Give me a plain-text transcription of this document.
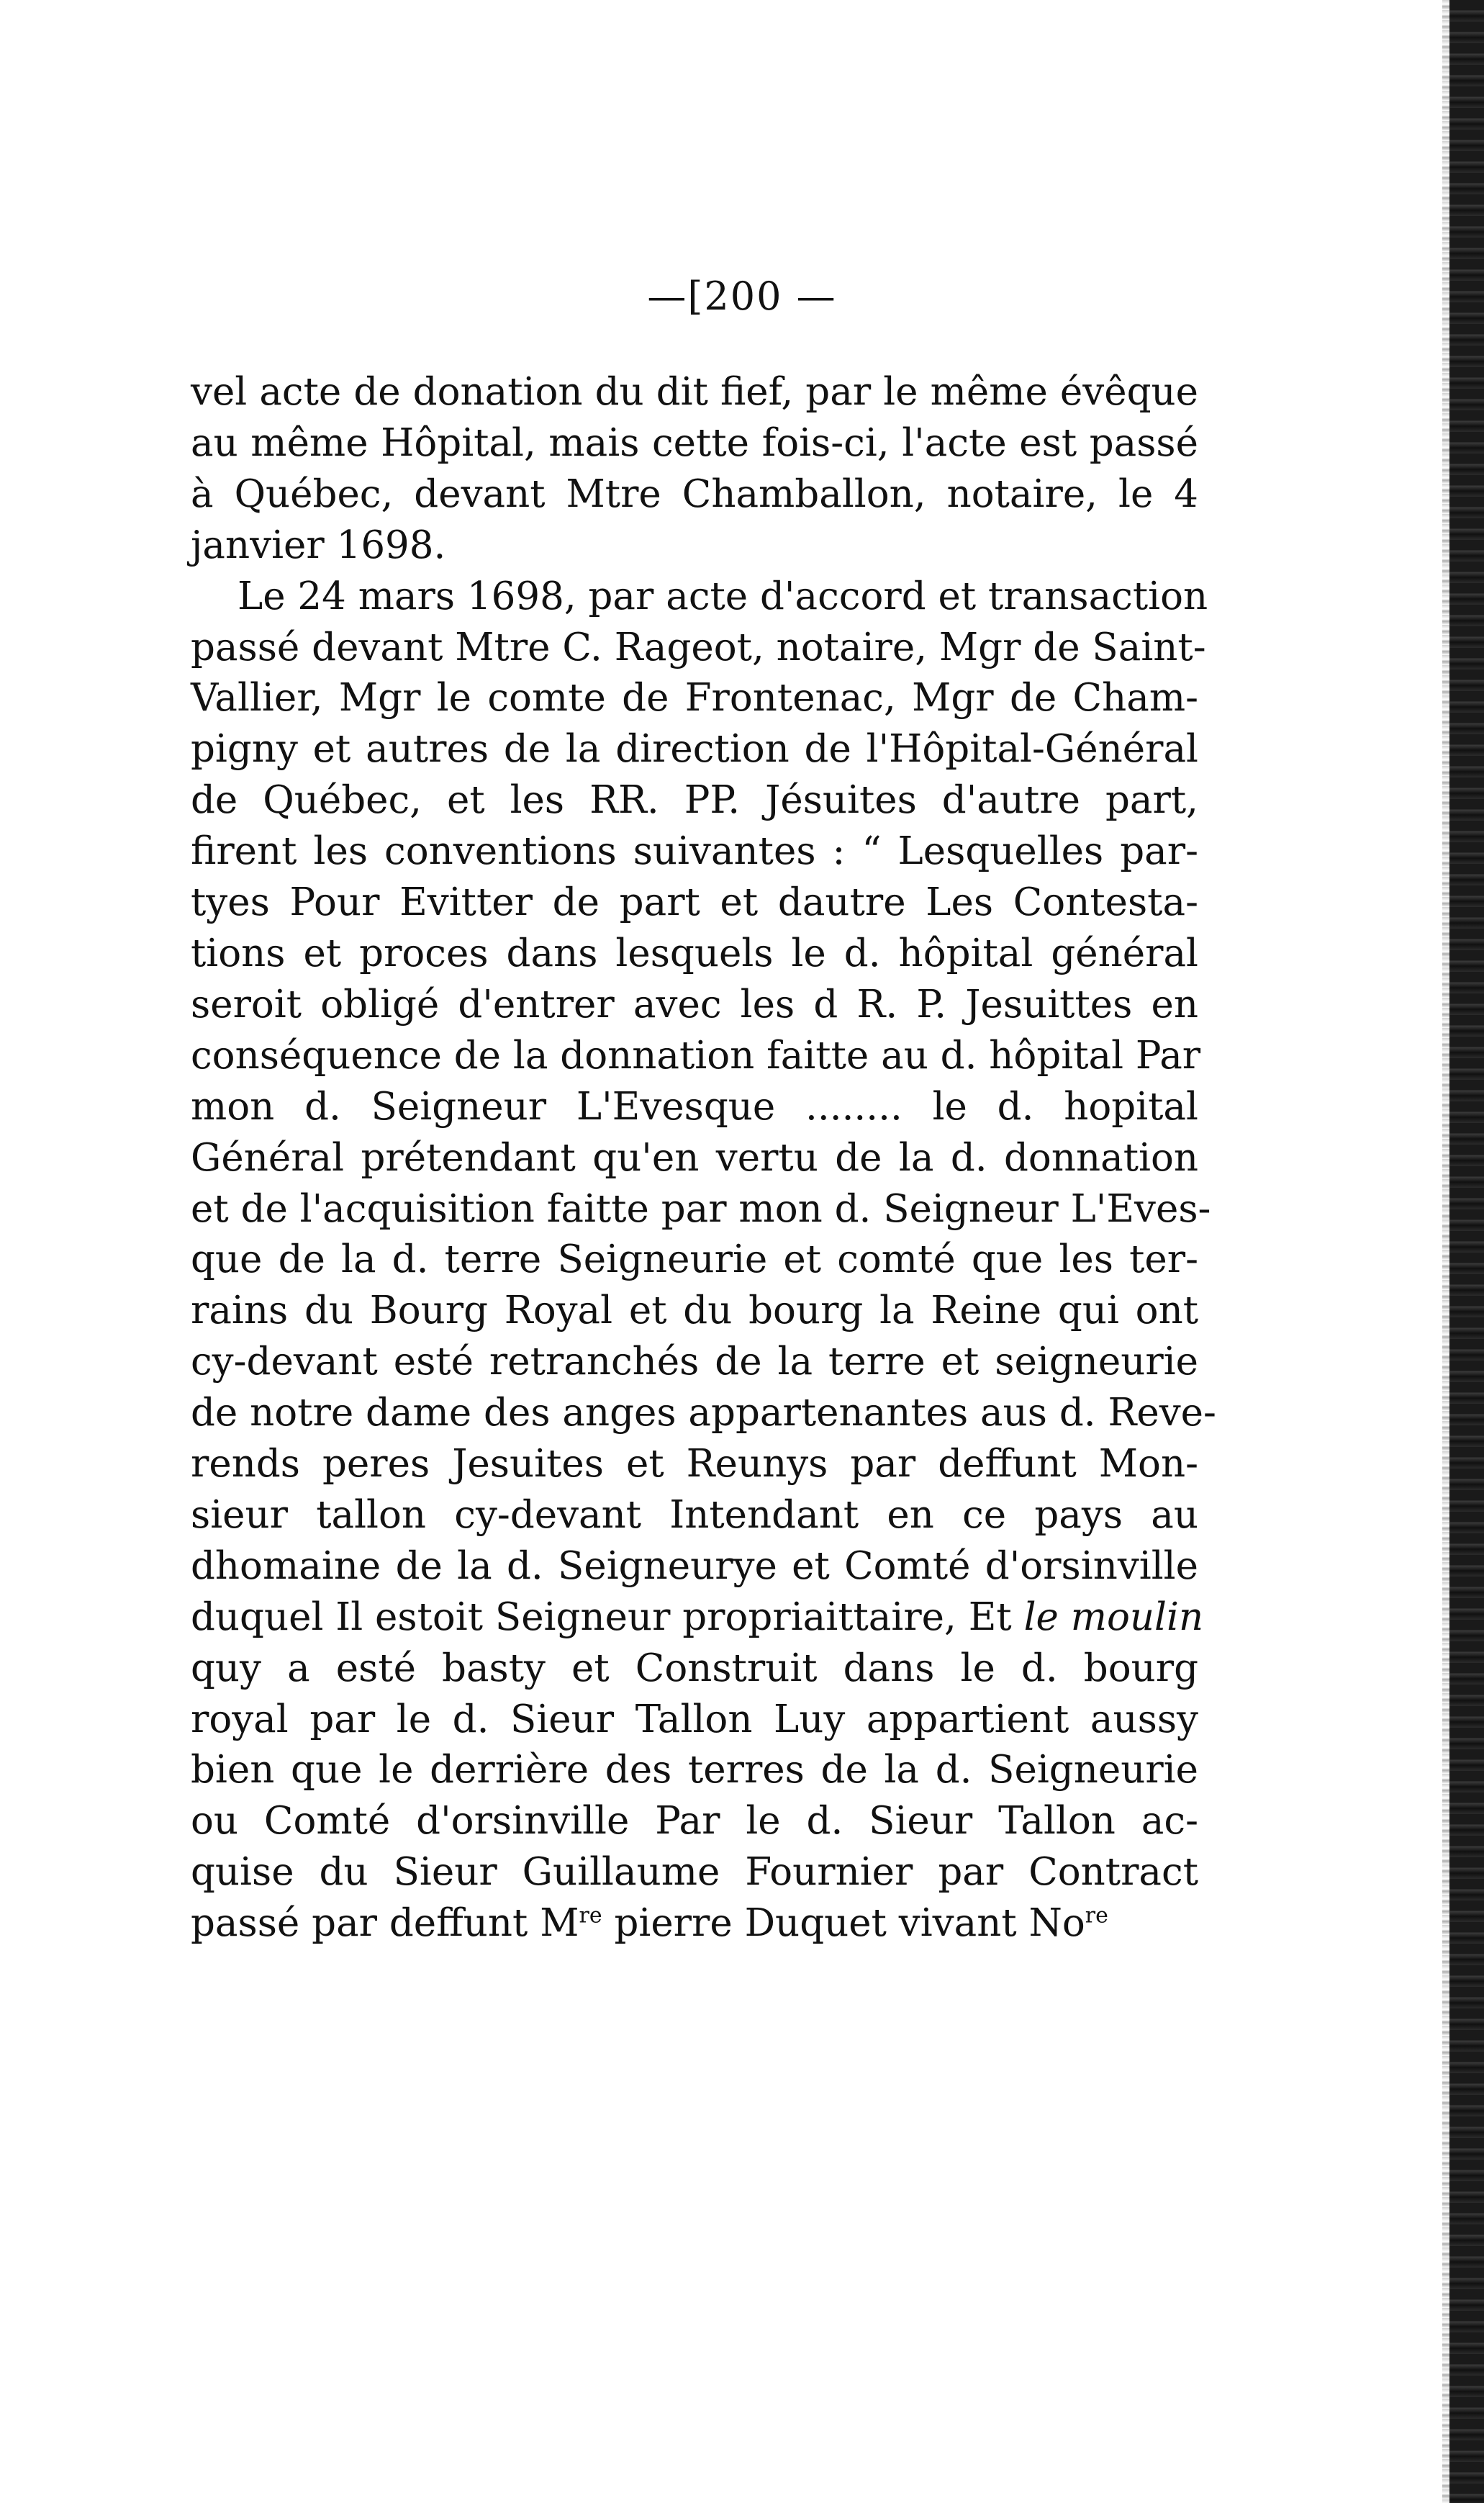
—[200 —
vel acte de donation du dit fief, par le même évêque
au même Hôpital, mais cette fois-ci, l'acte est passé
à Québec, devant Mtre Chamballon, notaire, le 4
janvier 1698.
Le 24 mars 1698, par acte d'accord et transaction
passé devant Mtre C. Rageot, notaire, Mgr de Saint-
Vallier, Mgr le comte de Frontenac, Mgr de Cham-
pigny et autres de la direction de l'Hôpital-Général
de Québec, et les RR. PP. Jésuites d'autre part,
firent les conventions suivantes : “ Lesquelles par-
tyes Pour Evitter de part et dautre Les Contesta-
tions et proces dans lesquels le d. hôpital général
seroit obligé d'entrer avec les d R. P. Jesuittes en
conséquence de la donnation faitte au d. hôpital Par
mon d. Seigneur L'Evesque ........ le d. hopital
Général prétendant qu'en vertu de la d. donnation
et de l'acquisition faitte par mon d. Seigneur L'Eves-
que de la d. terre Seigneurie et comté que les ter-
rains du Bourg Royal et du bourg la Reine qui ont
cy-devant esté retranchés de la terre et seigneurie
de notre dame des anges appartenantes aus d. Reve-
rends peres Jesuites et Reunys par deffunt Mon-
sieur tallon cy-devant Intendant en ce pays au
dhomaine de la d. Seigneurye et Comté d'orsinville
duquel Il estoit Seigneur propriaittaire, Et le moulin
quy a esté basty et Construit dans le d. bourg
royal par le d. Sieur Tallon Luy appartient aussy
bien que le derrière des terres de la d. Seigneurie
ou Comté d'orsinville Par le d. Sieur Tallon ac-
quise du Sieur Guillaume Fournier par Contract
passé par deffunt Mre pierre Duquet vivant $No^{re}$
